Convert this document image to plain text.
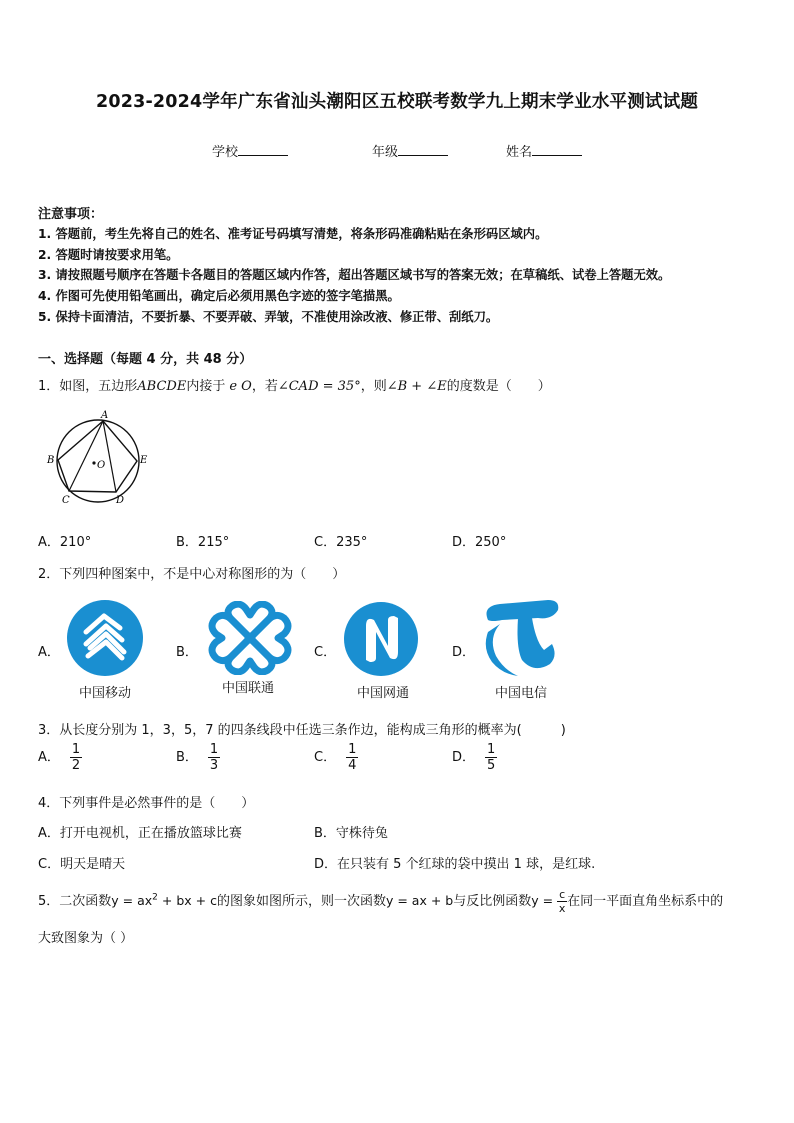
2023-2024学年广东省汕头潮阳区五校联考数学九上期末学业水平测试试题
学校	年级	姓名
注意事项：
1. 答题前，考生先将自己的姓名、准考证号码填写清楚，将条形码准确粘贴在条形码区域内。
2. 答题时请按要求用笔。
3. 请按照题号顺序在答题卡各题目的答题区域内作答，超出答题区域书写的答案无效；在草稿纸、试卷上答题无效。
4. 作图可先使用铅笔画出，确定后必须用黑色字迹的签字笔描黑。
5. 保持卡面清洁，不要折暴、不要弄破、弄皱，不准使用涂改液、修正带、刮纸刀。
一、选择题（每题 4 分，共 48 分）
1．如图，五边形ABCDE内接于 e O，若∠CAD = 35°，则∠B + ∠E的度数是（　　）
A
B
C	D
E
O
A．210°	B．215°	C．235°	D．250°
2．下列四种图案中，不是中心对称图形的为（　　）
A．	B．	C．	D．
中国移动	中国联通	中国网通	中国电信
3．从长度分别为 1，3，5，7 的四条线段中任选三条作边，能构成三角形的概率为(　　　)
A． $\frac{1}{2}$	B． $\frac{1}{3}$	C． $\frac{1}{4}$	D． $\frac{1}{5}$
4．下列事件是必然事件的是（　　）
A．打开电视机，正在播放篮球比赛	B．守株待兔
C．明天是晴天	D．在只装有 5 个红球的袋中摸出 1 球，是红球.
5．二次函数$y = ax^2$ + bx + c的图象如图所示，则一次函数y = ax + b与反比例函数$y = \frac{c}{x}$ 在同一平面直角坐标系中的
大致图象为（ ）
